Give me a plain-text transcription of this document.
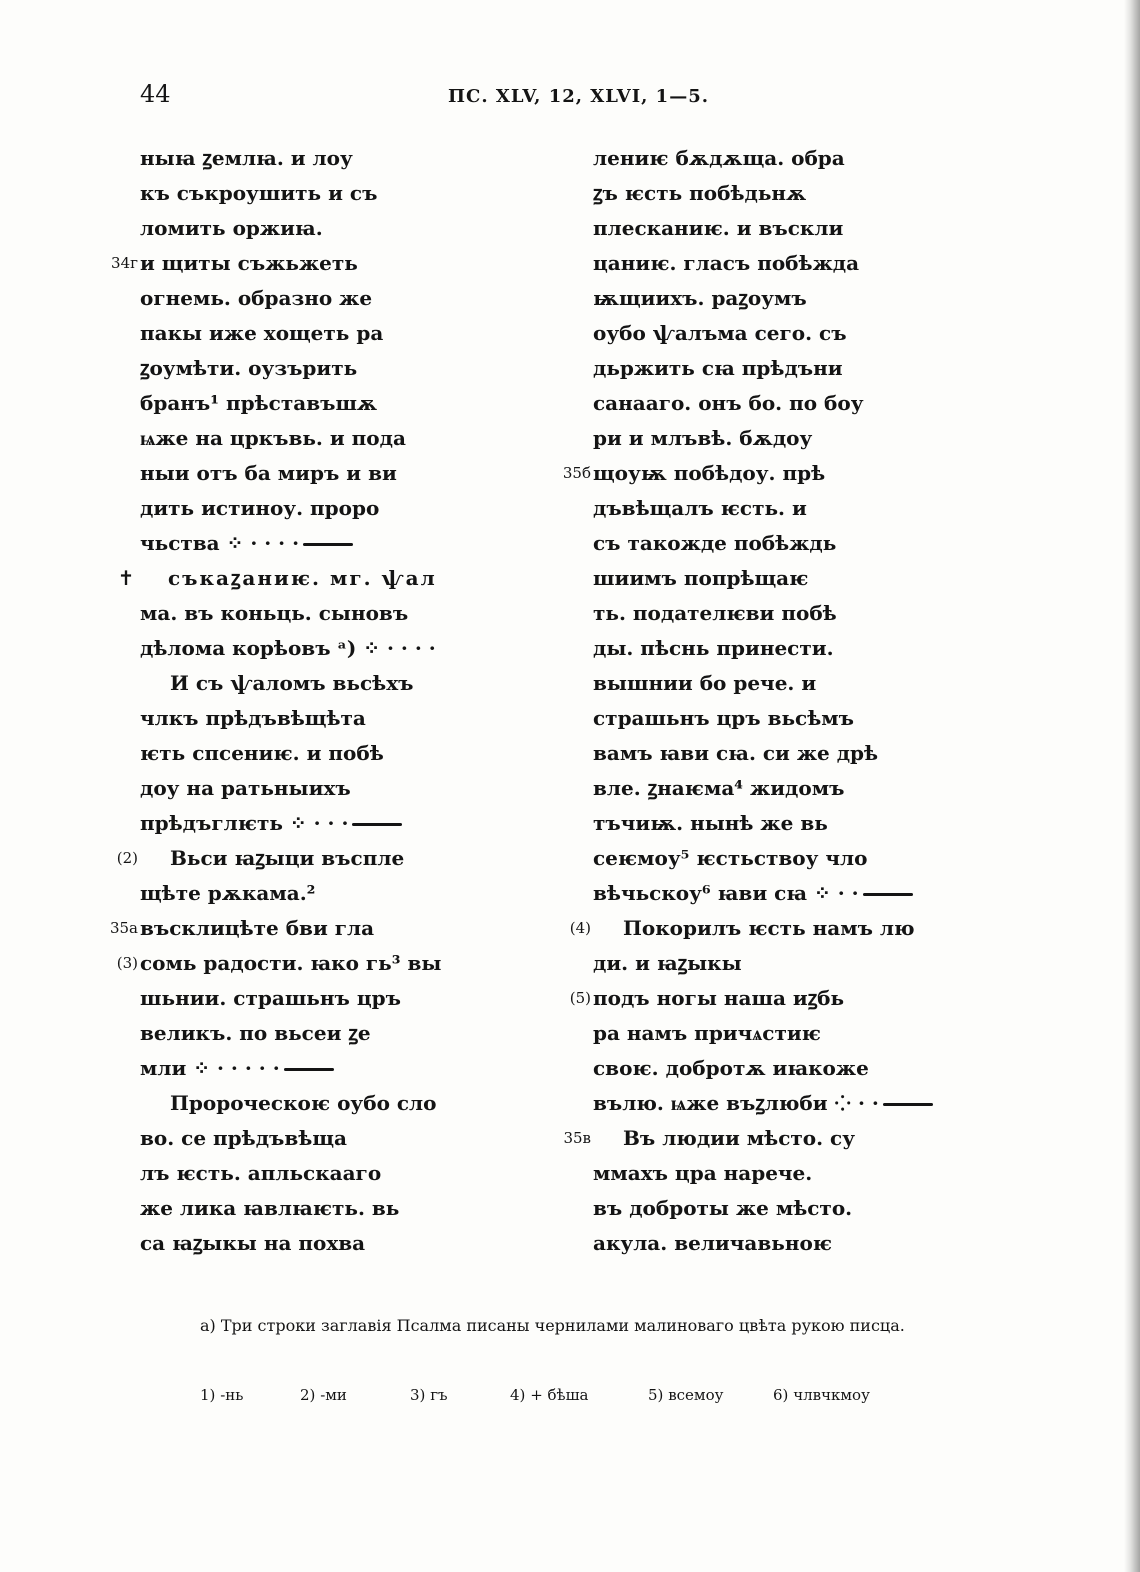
44	ПС. XLV, 12, XLVI, 1—5.
ныꙗ ꙁемлꙗ. и лоу
къ съкроушить и съ
ломить оржиꙗ.
34г и щиты съжьжеть
огнемь. образно же
пакы иже хощеть ра
ꙁоумѣти. оузърить
бранъ¹ прѣставъшѫ
ѩже на цркъвь. и пода
ныи отъ ба миръ и ви
дить истиноу. проро
чьства ⁘ · · · ·
✝	съкаꙁаниѥ. мг. ѱал
ма. въ коньць. сыновъ
дѣлома корѣовъ ᵃ) ⁘ · · · ·
И съ ѱаломъ вьсѣхъ
члкъ прѣдъвѣщѣта
ѥть спсениѥ. и побѣ
доу на ратьныихъ
прѣдъглѥть ⁘ · · ·
(2) Вьси ꙗꙁыци въспле
щѣте рѫкама.²
35а въсклицѣте бви гла
(3) сомь радости. ꙗко гь³ вы
шьнии. страшьнъ цръ
великъ. по вьсеи ꙁе
мли ⁘ · · · · ·
Пророческоѥ оубо сло
во. се прѣдъвѣща
лъ ѥсть. апльскааго
же лика ꙗвлꙗѥть. вь
са ꙗꙁыкы на похва
лениѥ бѫдѫща. обра
ꙁъ ѥсть побѣдьнѫ
плесканиѥ. и въскли
цаниѥ. гласъ побѣжда
ѭщиихъ. раꙁоумъ
оубо ѱалъма сего. съ
дьржить сꙗ прѣдъни
санааго. онъ бо. по боу
ри и млъвѣ. бѫдоу
35б щоуѭ побѣдоу. прѣ
дъвѣщалъ ѥсть. и
съ такожде побѣждь
шиимъ попрѣщаѥ
ть. подателѥви побѣ
ды. пѣснь принести.
вышнии бо рече. и
страшьнъ цръ вьсѣмъ
вамъ ꙗви сꙗ. си же дрѣ
вле. ꙁнаѥма⁴ жидомъ
тъчиѭ. нынѣ же вь
сеѥмоу⁵ ѥстьствоу чло
вѣчьскоу⁶ ꙗви сꙗ ⁘ · ·
(4) Покорилъ ѥсть намъ лю
ди. и ꙗꙁыкы
(5) подъ ногы наша иꙁбь
ра намъ причѧстиѥ
своѥ. добротѫ иꙗкоже
вълю. ѩже въꙁлюби ⁘ · ·
35в Въ людии мѣсто. су
ммахъ цра нарече.
въ доброты же мѣсто.
акула. величавьноѥ
a) Три строки заглавія Псалма писаны чернилами малиноваго цвѣта рукою писца.
1) -нь	2) -ми	3) гъ	4) + бѣша	5) всемоу	6) члвчкмоу
